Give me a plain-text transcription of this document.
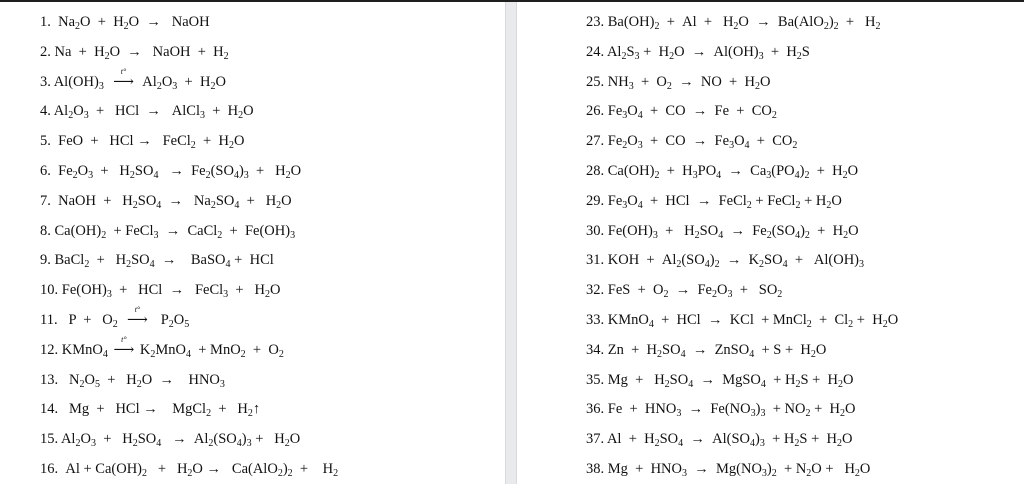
1.  $Na_2O + H_2O$  →   NaOH
2. $Na + H_2O$  →   NaOH  +  $H_2$
3. $Al(OH)_3$
t°
⟶  $Al_2O_3 + H_2O$
4. $Al_2O_3$  +   HCl  →   AlCl$_3$  +  $H_2O$
5.  FeO  +   HCl →   FeCl$_2$  +  $H_2O$
6.  $Fe_2O_3 + H_2SO_4 \to Fe_2(SO_4)_3 + H_2O$
7.  NaOH  +   $H_2SO_4 \to Na_2SO_4 + H_2O$
8. $Ca(OH)_2$  + FeCl$_3$  →  CaCl$_2$  +  $Fe(OH)_3$
9. BaCl$_2$  +   $H_2SO_4$  →    BaSO$_4$ +  HCl
10. $Fe(OH)_3$  +   HCl  →   FeCl$_3$  +   $H_2O$
11.   $P + O_2$
t°
⟶   $P_2O_5$
12. KMnO$_4$
t°
⟶ $K_2MnO_4 + MnO_2 + O_2$
13.   $N_2O_5 + H_2O$  →    $HNO_3$
14.   Mg  +   HCl →    MgCl$_2$  +   $H_2↑$
15. $Al_2O_3 + H_2SO_4 \to Al_2(SO_4)_3 + H_2O$
16.  $Al + Ca(OH)_2 + H_2O \to Ca(AlO_2)_2$  +    $H_2$
23. $Ba(OH)_2 + Al + H_2O \to Ba(AlO_2)_2 + H_2$
24. $Al_2S_3 + H_2O \to Al(OH)_3 + H_2S$
25. $NH_3 + O_2$  →  NO  +  $H_2O$
26. $Fe_3O_4$  +  CO  →  $Fe + CO_2$
27. $Fe_2O_3$  +  CO  →  $Fe_3O_4 + CO_2$
28. $Ca(OH)_2 + H_3PO_4 \to Ca_3(PO_4)_2 + H_2O$
29. $Fe_3O_4$  +  HCl  →  FeCl$_2$ + FeCl$_2$ + $H_2O$
30. $Fe(OH)_3 + H_2SO_4 \to Fe_2(SO_4)_2 + H_2O$
31. KOH  +  $Al_2(SO_4)_2 \to K_2SO_4 + Al(OH)_3$
32. FeS  +  $O_2 \to Fe_2O_3 + SO_2$
33. KMnO$_4$  +  HCl  →  KCl  + MnCl$_2$  +  $Cl_2 + H_2O$
34. $Zn + H_2SO_4$  →  ZnSO$_4$  + $S + H_2O$
35. $Mg + H_2SO_4$  →  MgSO$_4$  + $H_2S + H_2O$
36. $Fe + HNO_3 \to Fe(NO_3)_3 + NO_2 + H_2O$
37. $Al + H_2SO_4 \to Al(SO_4)_3 + H_2S + H_2O$
38. $Mg + HNO_3 \to Mg(NO_3)_2 + N_2O + H_2O$
